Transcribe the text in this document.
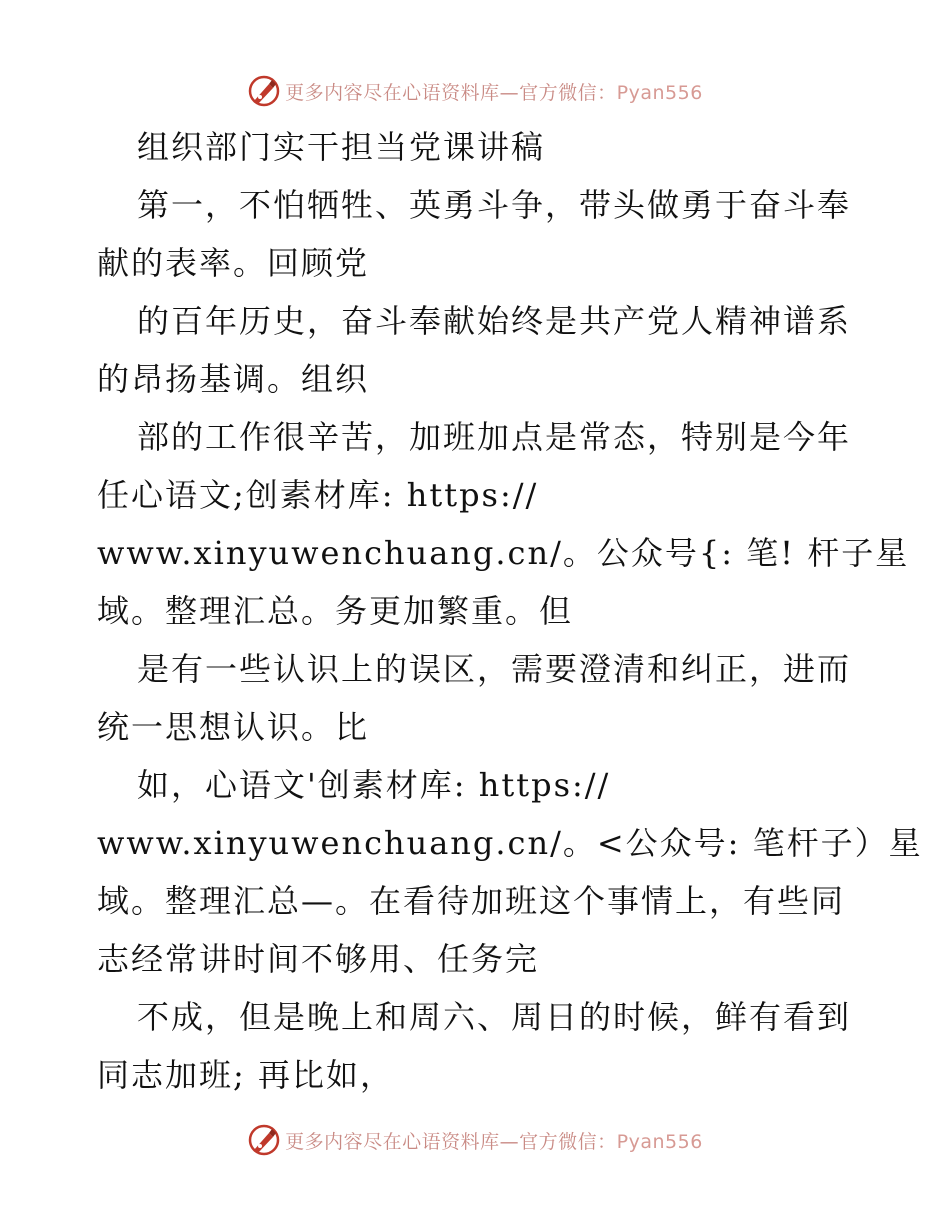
更多内容尽在心语资料库—官方微信：Pyan556
组织部门实干担当党课讲稿
第一，不怕牺牲、英勇斗争，带头做勇于奋斗奉
献的表率。回顾党
的百年历史，奋斗奉献始终是共产党人精神谱系
的昂扬基调。组织
部的工作很辛苦，加班加点是常态，特别是今年
任心语文;创素材库: https://
www.xinyuwenchuang.cn/。公众号{: 笔! 杆子星
域。整理汇总。务更加繁重。但
是有一些认识上的误区，需要澄清和纠正，进而
统一思想认识。比
如，心语文'创素材库: https://
www.xinyuwenchuang.cn/。<公众号: 笔杆子）星
域。整理汇总—。在看待加班这个事情上，有些同
志经常讲时间不够用、任务完
不成，但是晚上和周六、周日的时候，鲜有看到
同志加班; 再比如，
更多内容尽在心语资料库—官方微信：Pyan556
